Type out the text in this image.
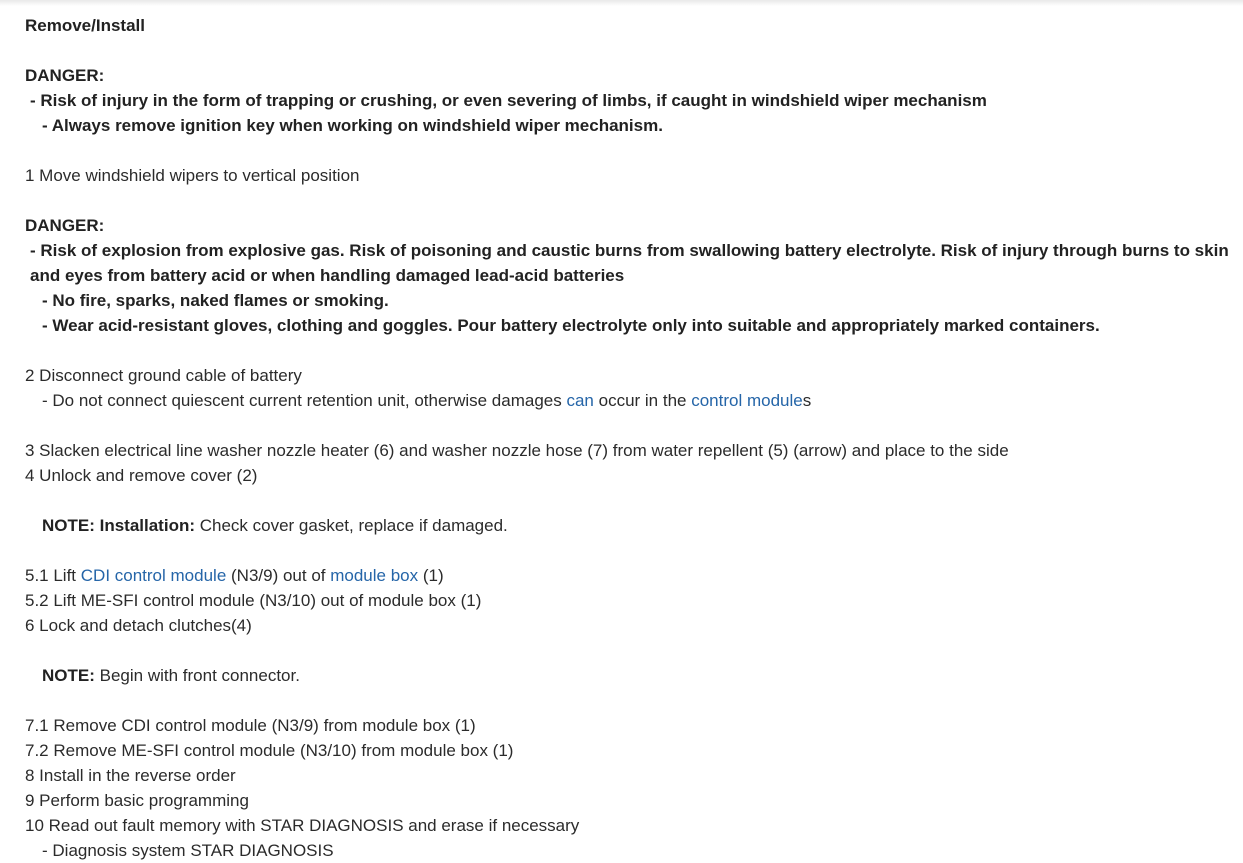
Remove/Install
DANGER:
- Risk of injury in the form of trapping or crushing, or even severing of limbs, if caught in windshield wiper mechanism
- Always remove ignition key when working on windshield wiper mechanism.
1 Move windshield wipers to vertical position
DANGER:
- Risk of explosion from explosive gas. Risk of poisoning and caustic burns from swallowing battery electrolyte. Risk of injury through burns to skin and eyes from battery acid or when handling damaged lead-acid batteries
- No fire, sparks, naked flames or smoking.
- Wear acid-resistant gloves, clothing and goggles. Pour battery electrolyte only into suitable and appropriately marked containers.
2 Disconnect ground cable of battery
- Do not connect quiescent current retention unit, otherwise damages can occur in the control modules
3 Slacken electrical line washer nozzle heater (6) and washer nozzle hose (7) from water repellent (5) (arrow) and place to the side
4 Unlock and remove cover (2)
NOTE: Installation: Check cover gasket, replace if damaged.
5.1 Lift CDI control module (N3/9) out of module box (1)
5.2 Lift ME-SFI control module (N3/10) out of module box (1)
6 Lock and detach clutches(4)
NOTE: Begin with front connector.
7.1 Remove CDI control module (N3/9) from module box (1)
7.2 Remove ME-SFI control module (N3/10) from module box (1)
8 Install in the reverse order
9 Perform basic programming
10 Read out fault memory with STAR DIAGNOSIS and erase if necessary
- Diagnosis system STAR DIAGNOSIS
